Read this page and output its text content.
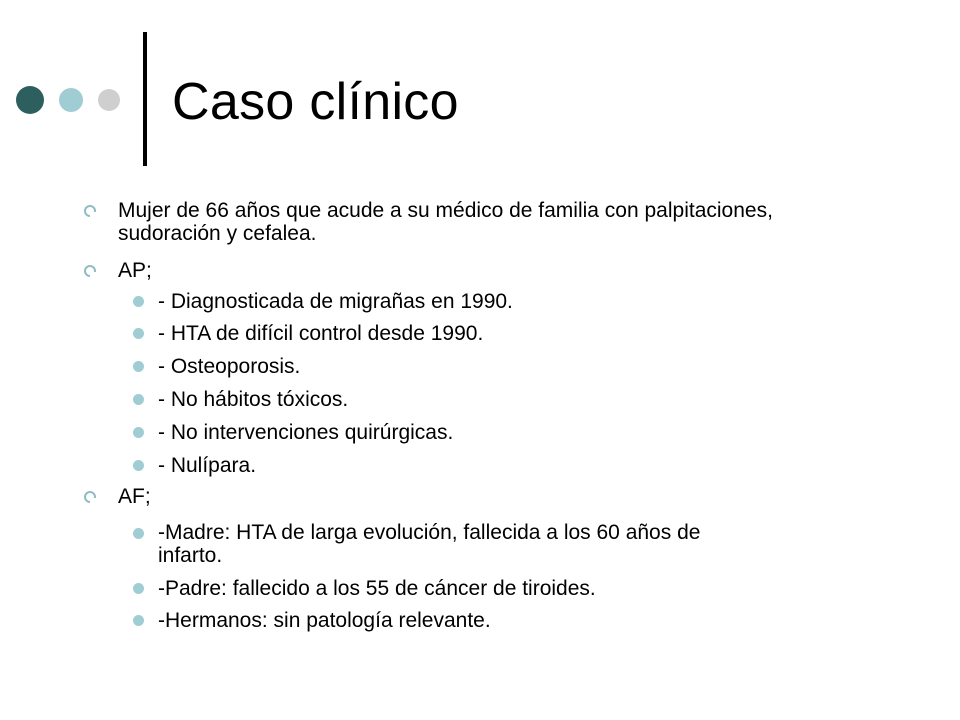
Caso clínico
Mujer de 66 años que acude a su médico de familia con palpitaciones, sudoración y cefalea.
AP;
- Diagnosticada de migrañas en 1990.
- HTA de difícil control desde 1990.
- Osteoporosis.
- No hábitos tóxicos.
- No intervenciones quirúrgicas.
- Nulípara.
AF;
-Madre: HTA de larga evolución, fallecida a los 60 años de infarto.
-Padre: fallecido a los 55 de cáncer de tiroides.
-Hermanos: sin patología relevante.
